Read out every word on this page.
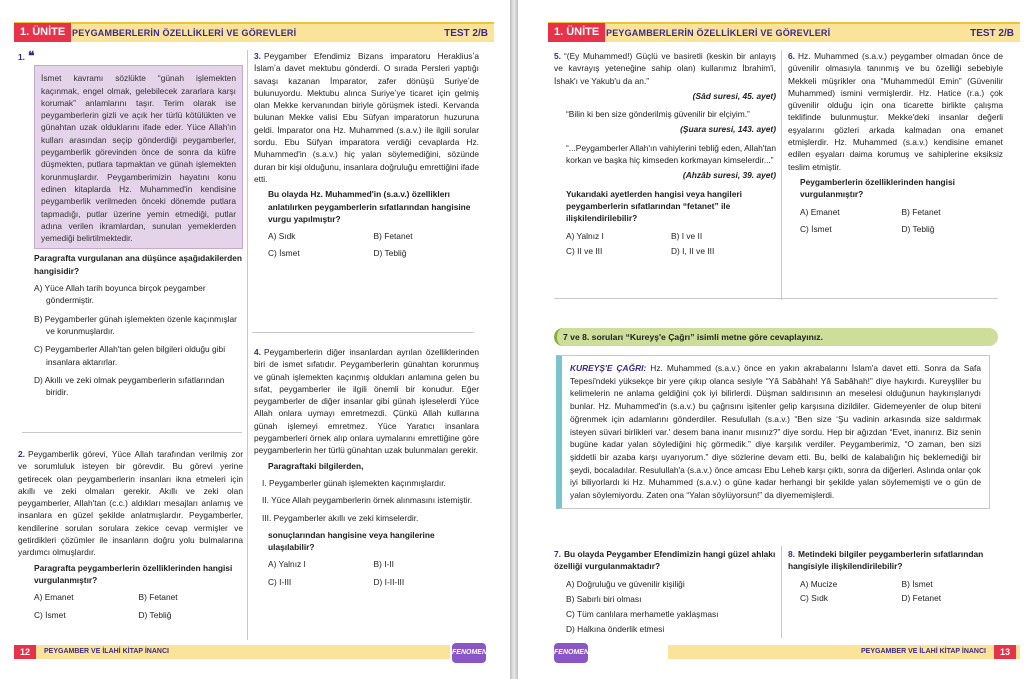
1. ÜNİTE PEYGAMBERLERİN ÖZELLİKLERİ VE GÖREVLERİ	TEST 2/B
1. ❝
İsmet kavramı sözlükte “günah işlemekten kaçınmak, engel olmak, gelebilecek zararlara karşı korumak” anlamlarını taşır. Terim olarak ise peygamberlerin gizli ve açık her türlü kötülükten ve günahtan uzak olduklarını ifade eder. Yüce Allah'ın kulları arasından seçip gönderdiği peygamberler, peygamberlik görevinden önce de sonra da küfre düşmekten, putlara tapmaktan ve günah işlemekten korunmuşlardır. Peygamberimizin hayatını konu edinen kitaplarda Hz. Muhammed'in kendisine peygamberlik verilmeden önceki dönemde putlara tapmadığı, putlar üzerine yemin etmediği, putlar adına verilen ikramlardan, sunulan yemeklerden yemediği belirtilmektedir.
Paragrafta vurgulanan ana düşünce aşağıdakilerden hangisidir?
A) Yüce Allah tarih boyunca birçok peygamber göndermiştir.
B) Peygamberler günah işlemekten özenle kaçınmışlar ve korunmuşlardır.
C) Peygamberler Allah'tan gelen bilgileri olduğu gibi insanlara aktarırlar.
D) Akıllı ve zeki olmak peygamberlerin sıfatlarından biridir.
2. Peygamberlik görevi, Yüce Allah tarafından verilmiş zor ve sorumluluk isteyen bir görevdir. Bu görevi yerine getirecek olan peygamberlerin insanları ikna etmeleri için akıllı ve zeki olmaları gerekir. Akıllı ve zeki olan peygamberler, Allah'tan (c.c.) aldıkları mesajları anlamış ve insanlara en güzel şekilde anlatmışlardır. Peygamberler, kendilerine sorulan sorulara zekice cevap vermişler ve getirdikleri çözümler ile insanların doğru yolu bulmalarına yardımcı olmuşlardır.
Paragrafta peygamberlerin özelliklerinden hangisi vurgulanmıştır?
A) Emanet	B) Fetanet
C) İsmet	D) Tebliğ
3. Peygamber Efendimiz Bizans imparatoru Herakliusʼa İslamʼa davet mektubu gönderdi. O sırada Persleri yaptığı savaşı kazanan İmparator, zafer dönüşü Suriyeʼde bulunuyordu. Mektubu alınca Suriyeʼye ticaret için gelmiş olan Mekke kervanından biriyle görüşmek istedi. Kervanda bulunan Mekke valisi Ebu Süfyan imparatorun huzuruna geldi. İmparator ona Hz. Muhammed (s.a.v.) ile ilgili sorular sordu. Ebu Süfyan imparatora verdiği cevaplarda Hz. Muhammed'in (s.a.v.) hiç yalan söylemediğini, sözünde duran bir kişi olduğunu, insanlara doğruluğu emrettiğini ifade etti.
Bu olayda Hz. Muhammed'in (s.a.v.) özelliklerı anlatılırken peygamberlerin sıfatlarından hangisine vurgu yapılmıştır?
A) Sıdk	B) Fetanet
C) İsmet	D) Tebliğ
4. Peygamberlerin diğer insanlardan ayrılan özelliklerinden biri de ismet sıfatıdır. Peygamberlerin günahtan korunmuş ve günah işlemekten kaçınmış oldukları anlamına gelen bu sıfat, peygamberler ile ilgili önemli bir konudur. Eğer peygamberler de diğer insanlar gibi günah işleselerdi Yüce Allah onlara uymayı emretmezdi. Çünkü Allah kullarına günah işlemeyi emretmez. Yüce Yaratıcı insanlara peygamberleri örnek alıp onlara uymalarını emrettiğine göre peygamberlerin her türlü günahtan uzak bulunmaları gerekir.
Paragraftaki bilgilerden,
I. Peygamberler günah işlemekten kaçınmışlardır.
II. Yüce Allah peygamberlerin örnek alınmasını istemiştir.
III. Peygamberler akıllı ve zeki kimselerdir.
sonuçlarından hangisine veya hangilerine ulaşılabilir?
A) Yalnız I	B) I-II
C) I-III	D) I-II-III
12	PEYGAMBER VE İLAHİ KİTAP İNANCI	FENOMEN
1. ÜNİTE PEYGAMBERLERİN ÖZELLİKLERİ VE GÖREVLERİ	TEST 2/B
5. “(Ey Muhammed!) Güçlü ve basiretli (keskin bir anlayış ve kavrayış yeteneğine sahip olan) kullarımız İbrahim'i, İshak'ı ve Yakub'u da an.”
(Sâd suresi, 45. ayet)
“Bilin ki ben size gönderilmiş güvenilir bir elçiyim.”
(Şuara suresi, 143. ayet)
“...Peygamberler Allah'ın vahiylerini tebliğ eden, Allah'tan korkan ve başka hiç kimseden korkmayan kimselerdir...”
(Ahzâb suresi, 39. ayet)
Yukarıdaki ayetlerden hangisi veya hangileri peygamberlerin sıfatlarından “fetanet” ile ilişkilendirilebilir?
A) Yalnız I	B) I ve II
C) II ve III	D) I, II ve III
6. Hz. Muhammed (s.a.v.) peygamber olmadan önce de güvenilir olmasıyla tanınmış ve bu özelliği sebebiyle Mekkeli müşrikler ona “Muhammedül Emin” (Güvenilir Muhammed) ismini vermişlerdir. Hz. Hatice (r.a.) çok güvenilir olduğu için ona ticarette birlikte çalışma teklifinde bulunmuştur. Mekke'deki insanlar değerli eşyalarını gözleri arkada kalmadan ona emanet etmişlerdir. Hz. Muhammed (s.a.v.) kendisine emanet edilen eşyaları daima korumuş ve sahiplerine eksiksiz teslim etmiştir.
Peygamberlerin özelliklerinden hangisi vurgulanmıştır?
A) Emanet	B) Fetanet
C) İsmet	D) Tebliğ
7 ve 8. soruları “Kureyş'e Çağrı” isimli metne göre cevaplayınız.
KUREYŞ'E ÇAĞRI: Hz. Muhammed (s.a.v.) önce en yakın akrabalarını İslam'a davet etti. Sonra da Safa Tepesi'ndeki yüksekçe bir yere çıkıp olanca sesiyle “Yâ Sabâhah! Yâ Sabâhah!” diye haykırdı. Kureyşliler bu kelimelerin ne anlama geldiğini çok iyi bilirlerdi. Düşman saldırısının an meselesi olduğunun haykırışlarıydı bunlar. Hz. Muhammed'in (s.a.v.) bu çağrısını işitenler gelip karşısına dizildiler. Gidemeyenler de olup biteni öğrenmek için adamlarını gönderdiler. Resulullah (s.a.v.) “Ben size ‘Şu vadinin arkasında size saldırmak isteyen süvari birlikleri var.' desem bana inanır mısınız?” diye sordu. Hep bir ağızdan “Evet, inanırız. Biz senin bugüne kadar yalan söylediğini hiç görmedik.” diye karşılık verdiler. Peygamberimiz, “O zaman, ben sizi şiddetli bir azaba karşı uyarıyorum.” diye sözlerine devam etti. Bu, belki de kalabalığın hiç beklemediği bir şeydi, bocaladılar. Resulullah'a (s.a.v.) önce amcası Ebu Leheb karşı çıktı, sonra da diğerleri. Aslında onlar çok iyi biliyorlardı ki Hz. Muhammed (s.a.v.) o güne kadar herhangi bir şekilde yalan söylememişti ve o gün de yalan söylemiyordu. Zaten ona “Yalan söylüyorsun!” da diyememişlerdi.
7. Bu olayda Peygamber Efendimizin hangi güzel ahlakı özelliği vurgulanmaktadır?
A) Doğruluğu ve güvenilir kişiliği
B) Sabırlı biri olması
C) Tüm canlılara merhametle yaklaşması
D) Halkına önderlik etmesi
8. Metindeki bilgiler peygamberlerin sıfatlarından hangisiyle ilişkilendirilebilir?
A) Mucize	B) İsmet
C) Sıdk	D) Fetanet
FENOMEN	PEYGAMBER VE İLAHİ KİTAP İNANCI	13
